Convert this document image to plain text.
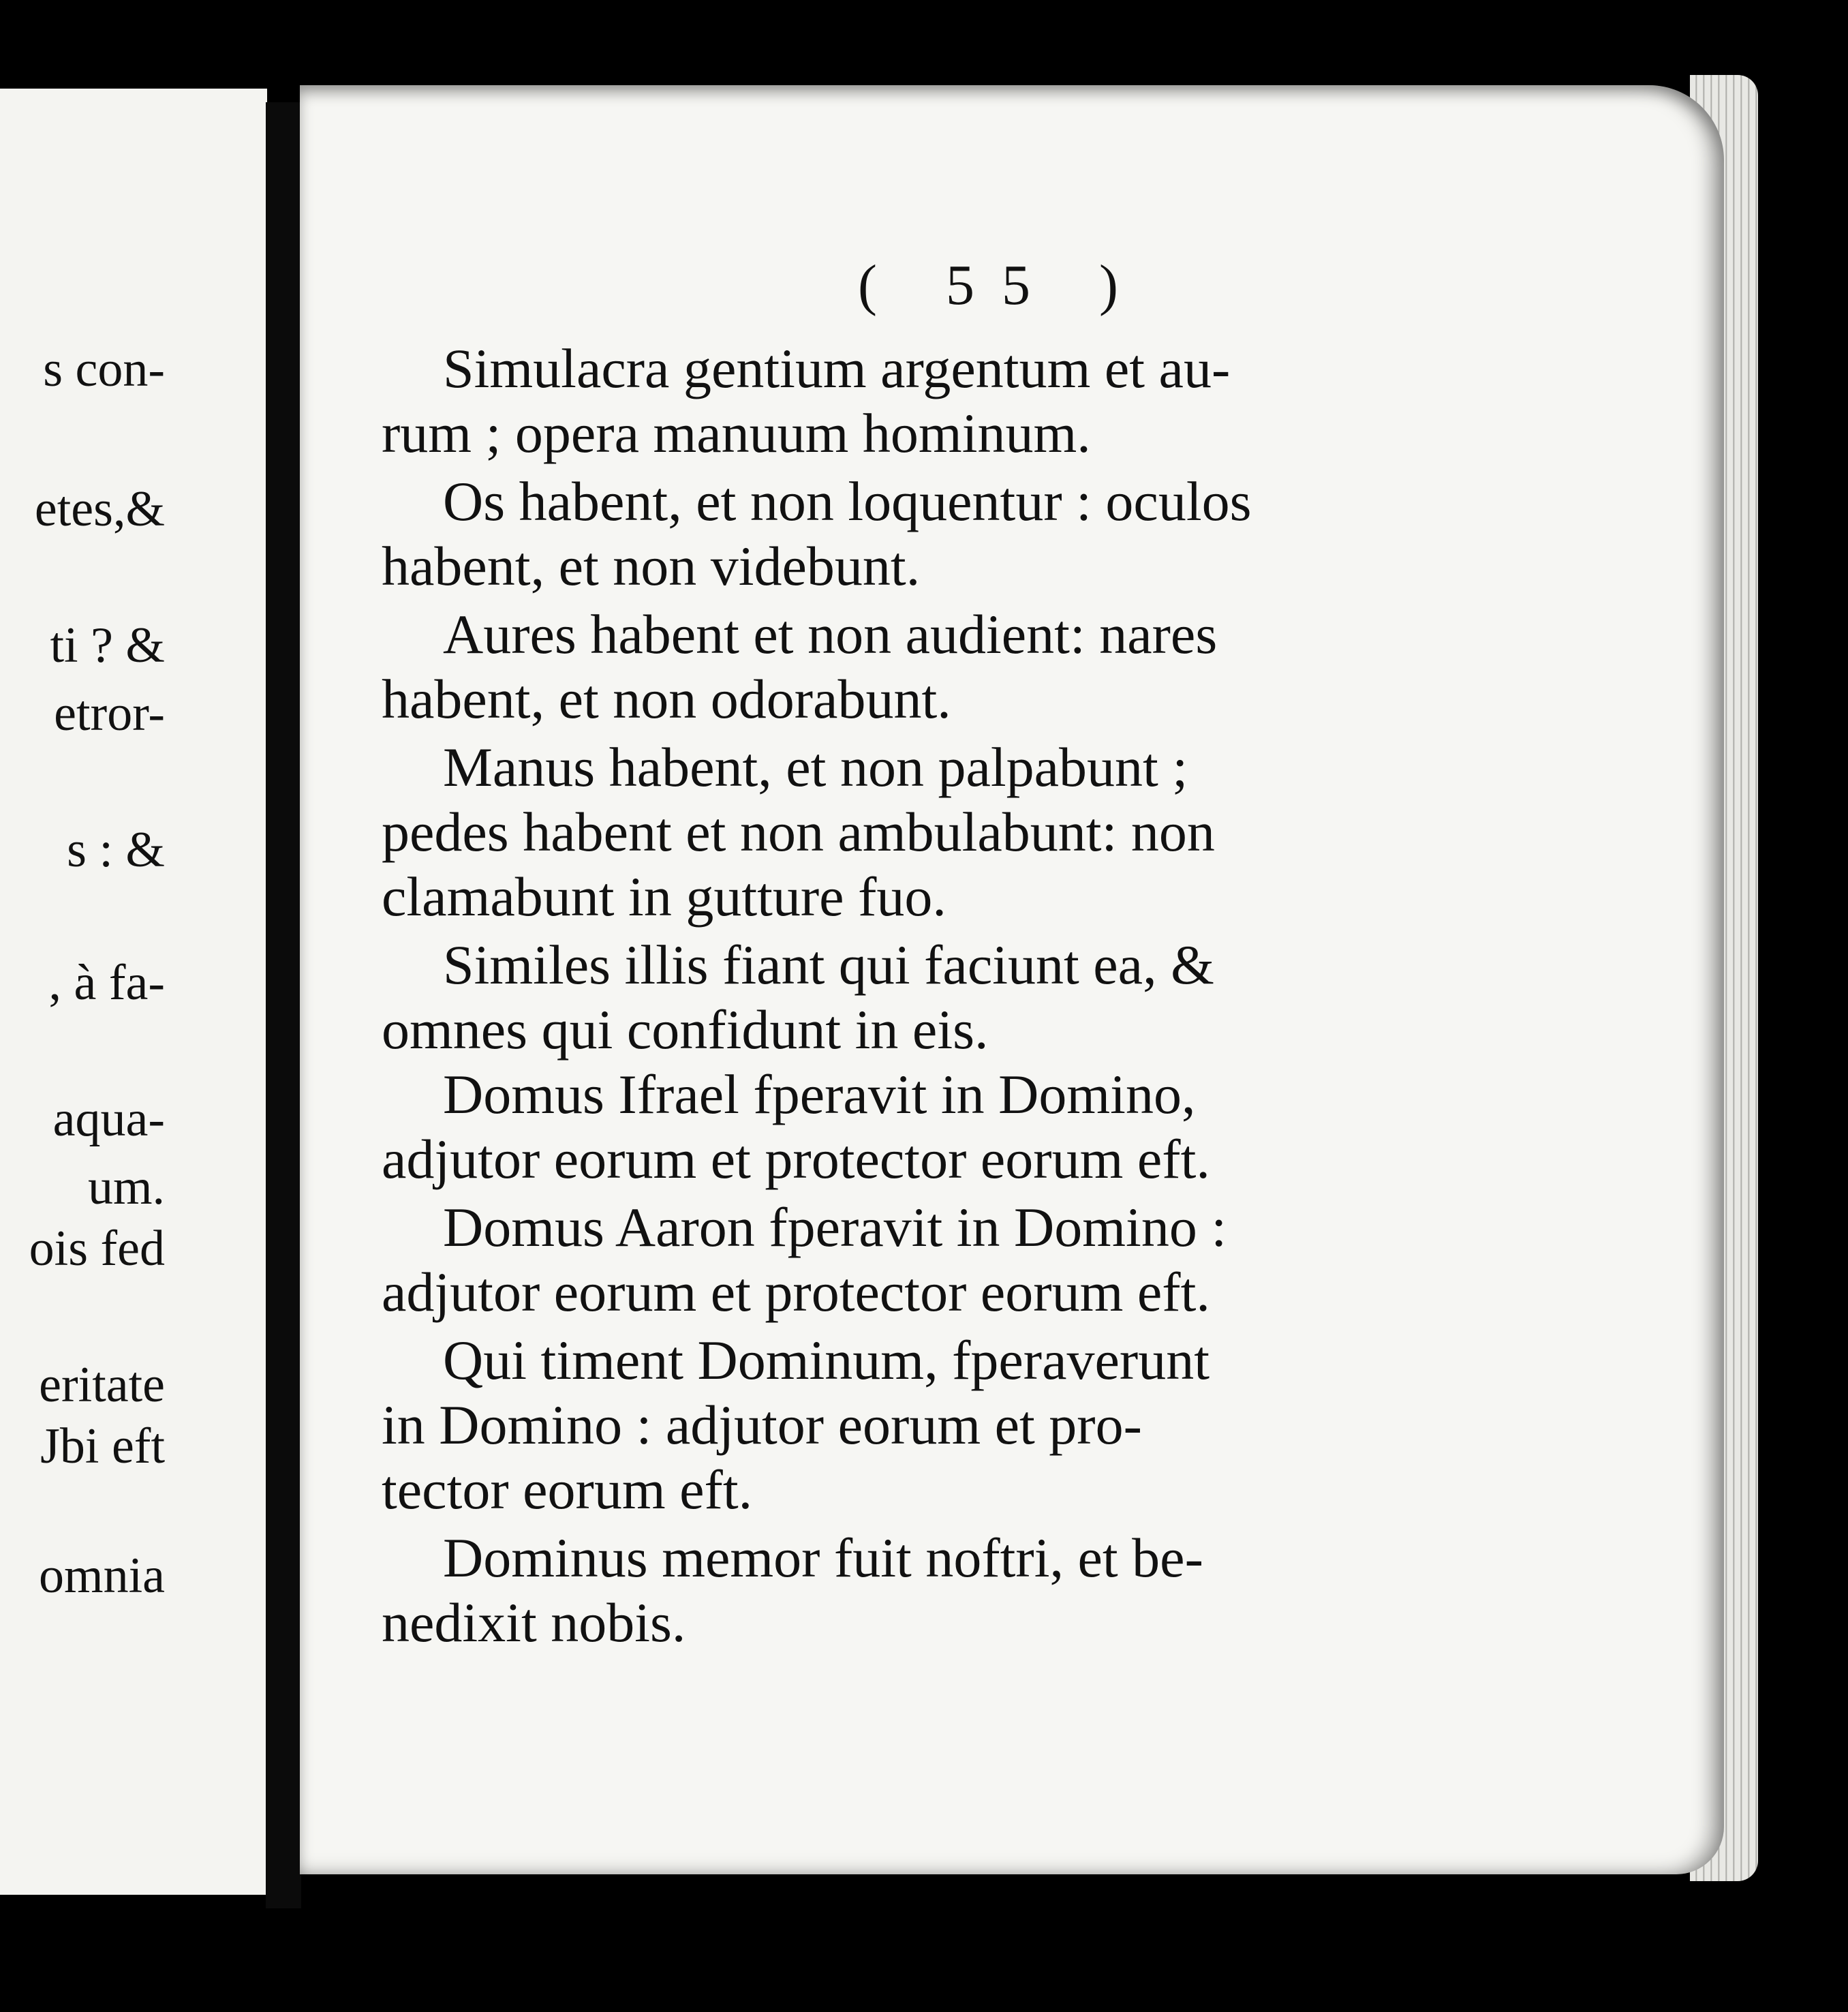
s con-
etes,&
ti ? &
etror-
s : &
, à fa-
aqua-
um.
ois fed
eritate
Jbi eft
omnia
( 55 )
Simulacra gentium argentum et au-
rum ; opera manuum hominum.
Os habent, et non loquentur : oculos
habent, et non videbunt.
Aures habent et non audient: nares
habent, et non odorabunt.
Manus habent, et non palpabunt ;
pedes habent et non ambulabunt: non
clamabunt in gutture fuo.
Similes illis fiant qui faciunt ea, &
omnes qui confidunt in eis.
Domus Ifrael fperavit in Domino,
adjutor eorum et protector eorum eft.
Domus Aaron fperavit in Domino :
adjutor eorum et protector eorum eft.
Qui timent Dominum, fperaverunt
in Domino : adjutor eorum et pro-
tector eorum eft.
Dominus memor fuit noftri, et be-
nedixit nobis.
